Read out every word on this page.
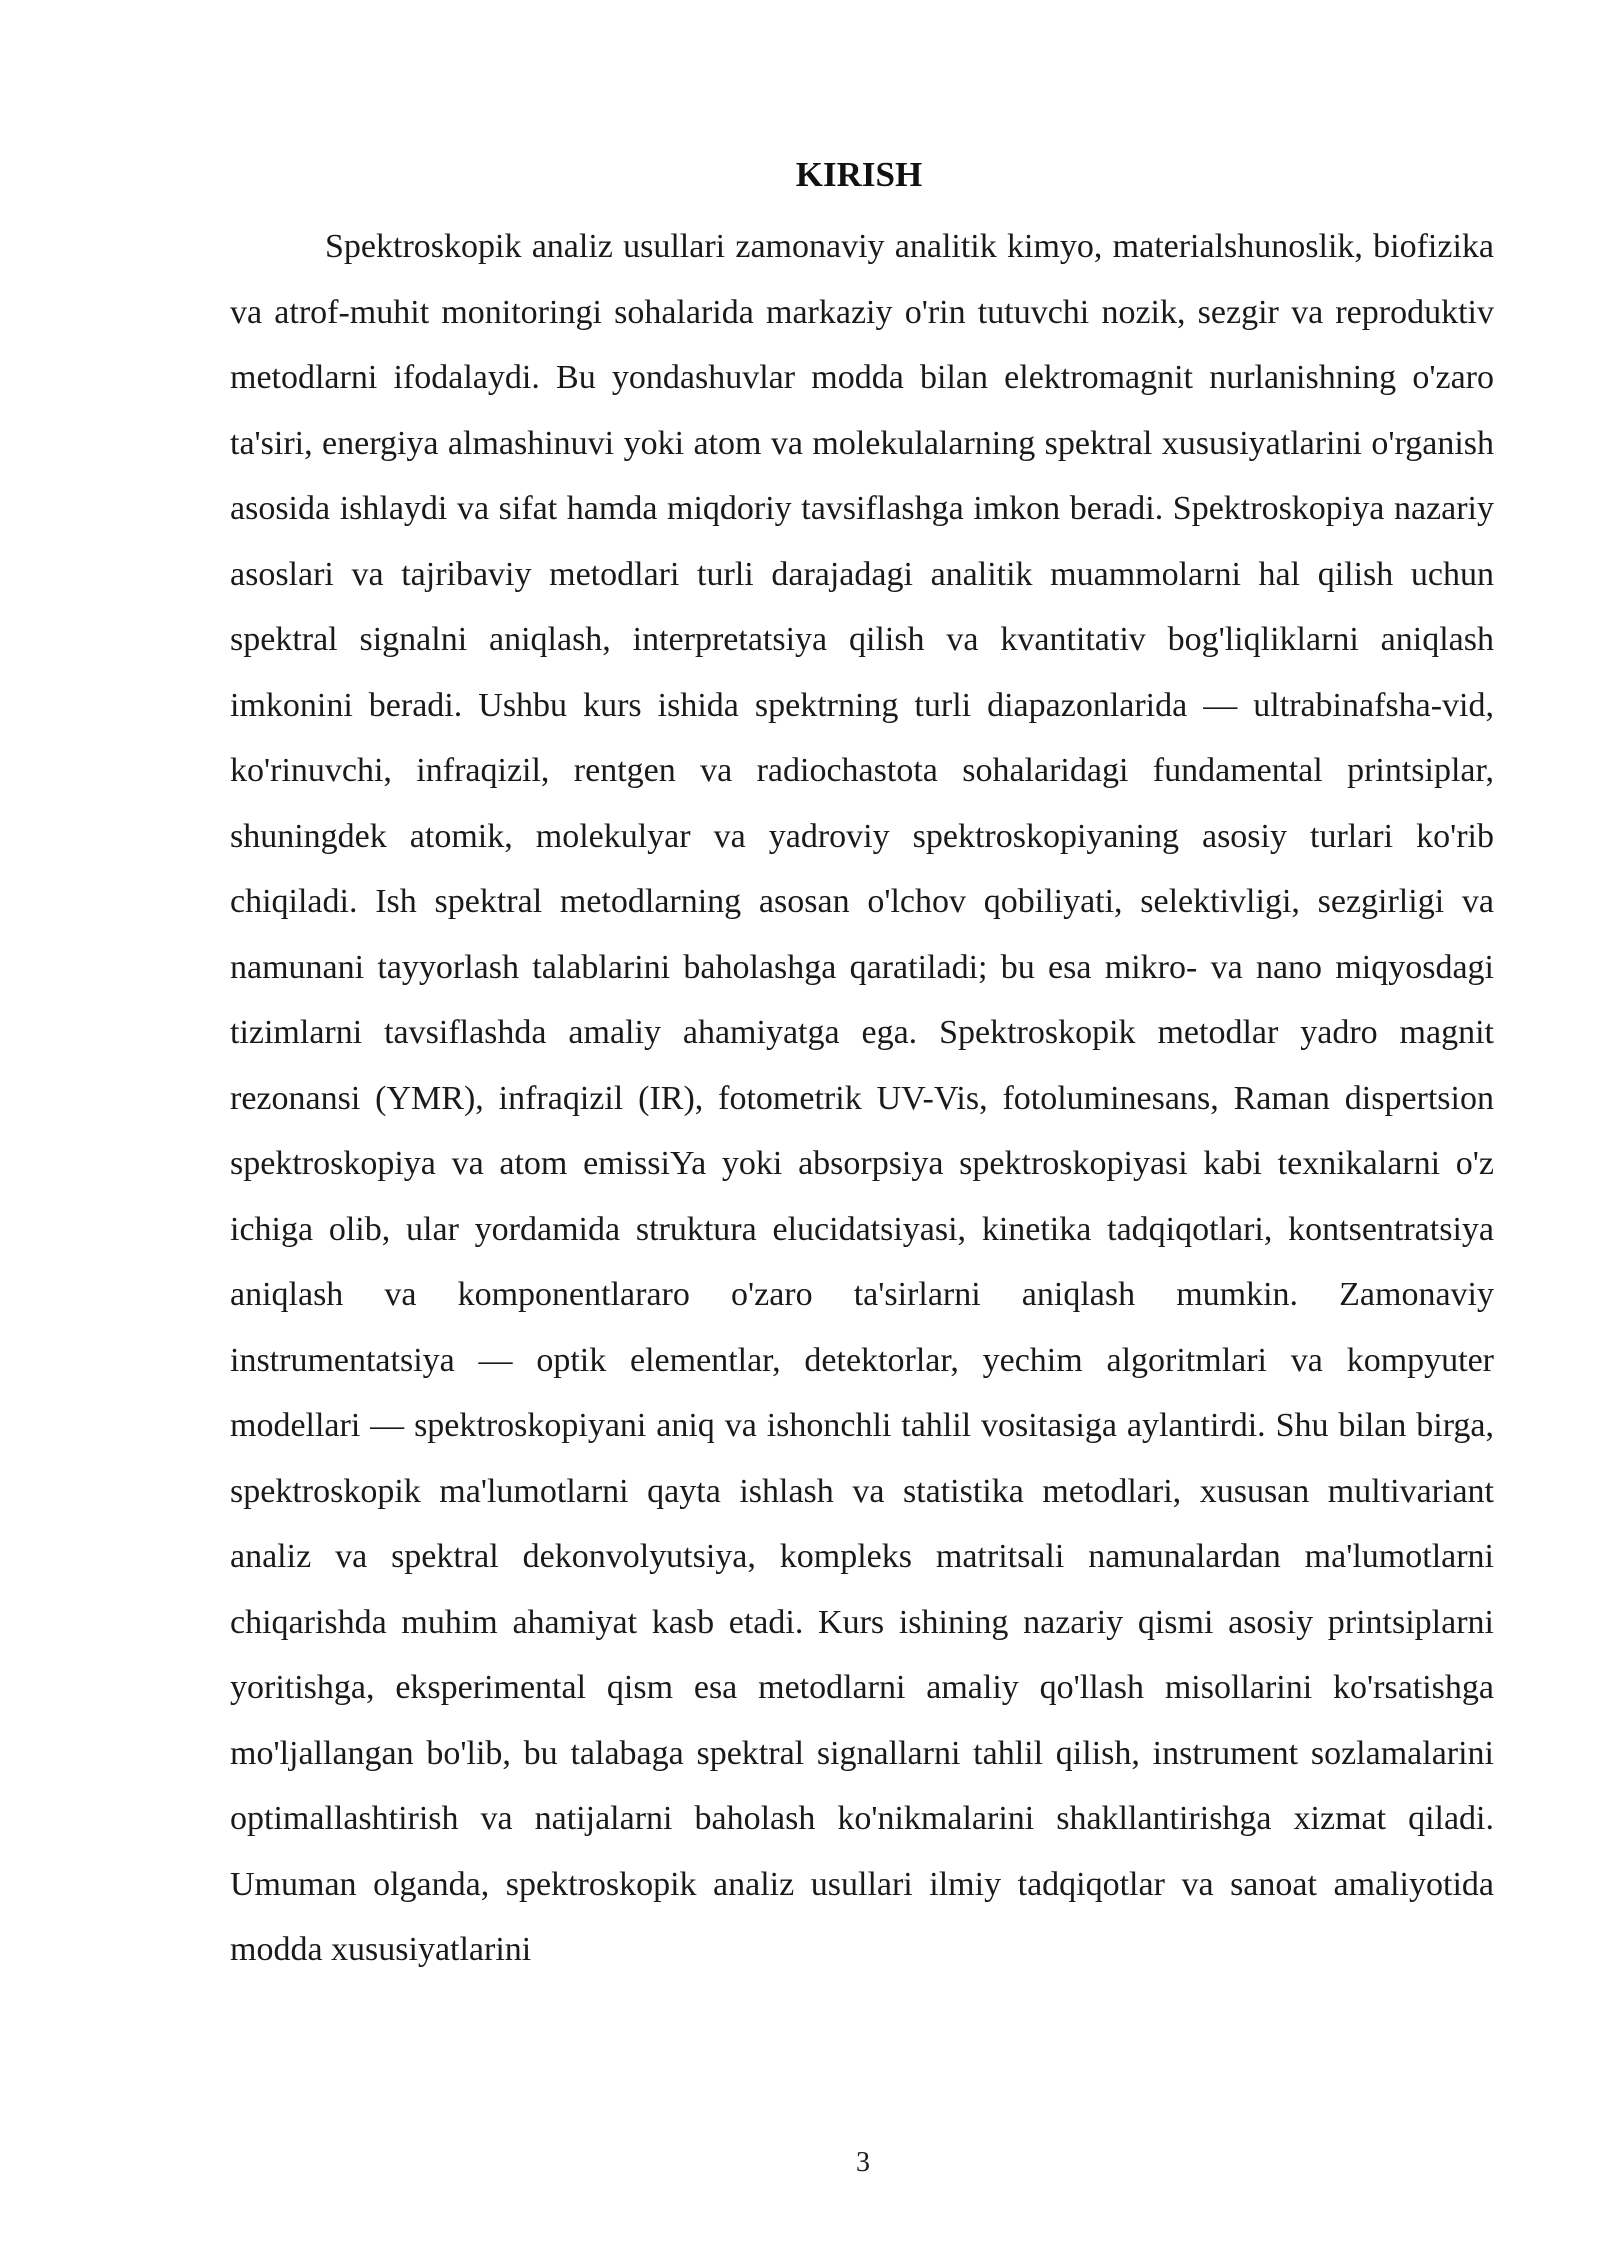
KIRISH

Spektroskopik analiz usullari zamonaviy analitik kimyo, materialshunoslik, biofizika va atrof-muhit monitoringi sohalarida markaziy o'rin tutuvchi nozik, sezgir va reproduktiv metodlarni ifodalaydi. Bu yondashuvlar modda bilan elektromagnit nurlanishning o'zaro ta'siri, energiya almashinuvi yoki atom va molekulalarning spektral xususiyatlarini o'rganish asosida ishlaydi va sifat hamda miqdoriy tavsiflashga imkon beradi. Spektroskopiya nazariy asoslari va tajribaviy metodlari turli darajadagi analitik muammolarni hal qilish uchun spektral signalni aniqlash, interpretatsiya qilish va kvantitativ bog'liqliklarni aniqlash imkonini beradi. Ushbu kurs ishida spektrning turli diapazonlarida — ultrabinafsha-vid, ko'rinuvchi, infraqizil, rentgen va radiochastota sohalaridagi fundamental printsiplar, shuningdek atomik, molekulyar va yadroviy spektroskopiyaning asosiy turlari ko'rib chiqiladi. Ish spektral metodlarning asosan o'lchov qobiliyati, selektivligi, sezgirligi va namunani tayyorlash talablarini baholashga qaratiladi; bu esa mikro- va nano miqyosdagi tizimlarni tavsiflashda amaliy ahamiyatga ega. Spektroskopik metodlar yadro magnit rezonansi (YMR), infraqizil (IR), fotometrik UV-Vis, fotoluminesans, Raman dispertsion spektroskopiya va atom emissiYa yoki absorpsiya spektroskopiyasi kabi texnikalarni o'z ichiga olib, ular yordamida struktura elucidatsiyasi, kinetika tadqiqotlari, kontsentratsiya aniqlash va komponentlararo o'zaro ta'sirlarni aniqlash mumkin. Zamonaviy instrumentatsiya — optik elementlar, detektorlar, yechim algoritmlari va kompyuter modellari — spektroskopiyani aniq va ishonchli tahlil vositasiga aylantirdi. Shu bilan birga, spektroskopik ma'lumotlarni qayta ishlash va statistika metodlari, xususan multivariant analiz va spektral dekonvolyutsiya, kompleks matritsali namunalardan ma'lumotlarni chiqarishda muhim ahamiyat kasb etadi. Kurs ishining nazariy qismi asosiy printsiplarni yoritishga, eksperimental qism esa metodlarni amaliy qo'llash misollarini ko'rsatishga mo'ljallangan bo'lib, bu talabaga spektral signallarni tahlil qilish, instrument sozlamalarini optimallashtirish va natijalarni baholash ko'nikmalarini shakllantirishga xizmat qiladi. Umuman olganda, spektroskopik analiz usullari ilmiy tadqiqotlar va sanoat amaliyotida modda xususiyatlarini

3
